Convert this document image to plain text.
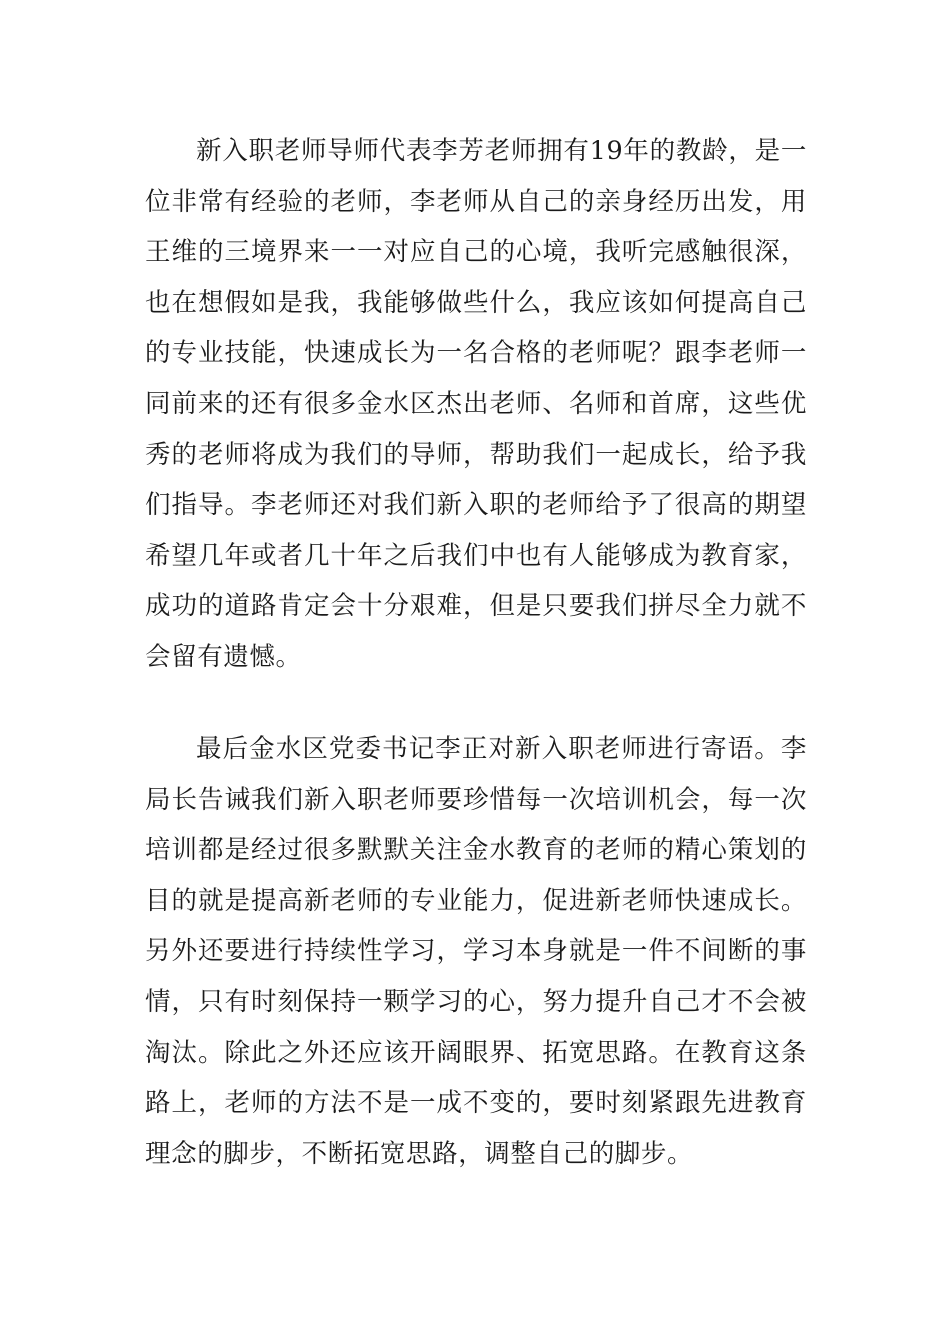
新入职老师导师代表李芳老师拥有19年的教龄，是一位非常有经验的老师，李老师从自己的亲身经历出发，用王维的三境界来一一对应自己的心境，我听完感触很深，也在想假如是我，我能够做些什么，我应该如何提高自己的专业技能，快速成长为一名合格的老师呢？跟李老师一同前来的还有很多金水区杰出老师、名师和首席，这些优秀的老师将成为我们的导师，帮助我们一起成长，给予我们指导。李老师还对我们新入职的老师给予了很高的期望希望几年或者几十年之后我们中也有人能够成为教育家，成功的道路肯定会十分艰难，但是只要我们拼尽全力就不会留有遗憾。

最后金水区党委书记李正对新入职老师进行寄语。李局长告诫我们新入职老师要珍惜每一次培训机会，每一次培训都是经过很多默默关注金水教育的老师的精心策划的目的就是提高新老师的专业能力，促进新老师快速成长。另外还要进行持续性学习，学习本身就是一件不间断的事情，只有时刻保持一颗学习的心，努力提升自己才不会被淘汰。除此之外还应该开阔眼界、拓宽思路。在教育这条路上，老师的方法不是一成不变的，要时刻紧跟先进教育理念的脚步，不断拓宽思路，调整自己的脚步。
